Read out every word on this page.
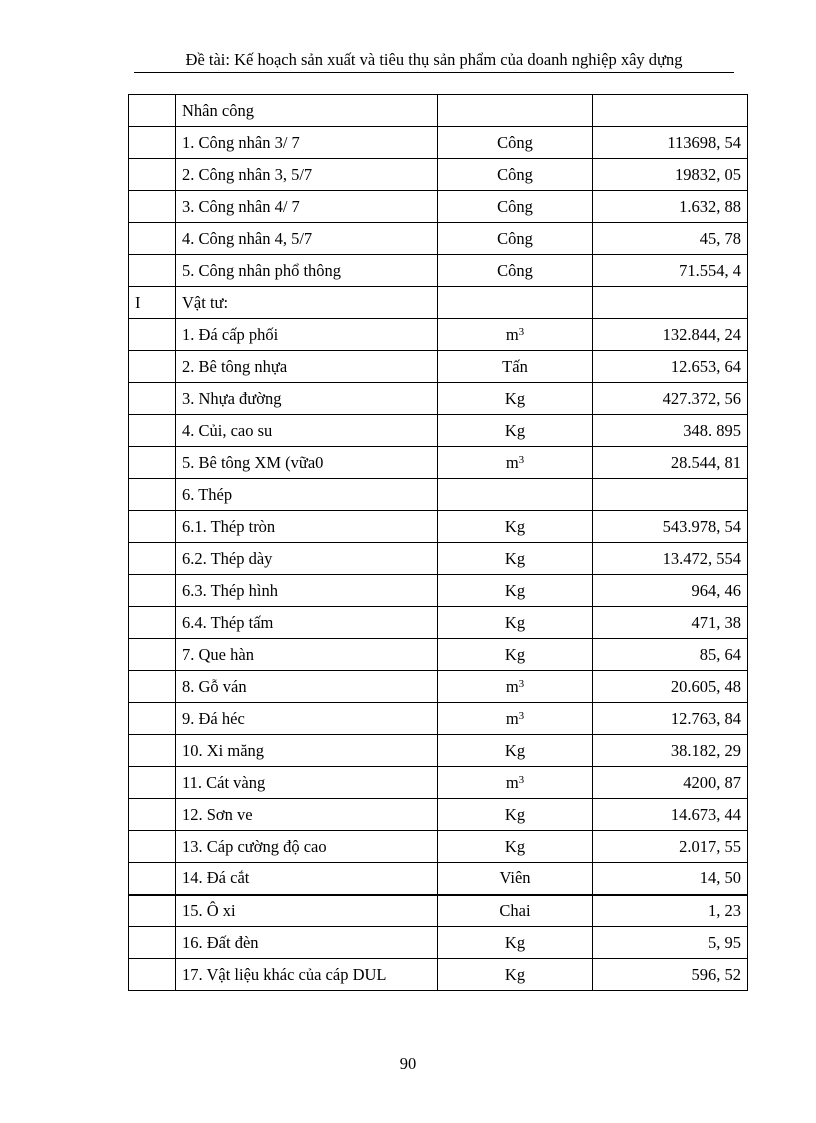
Đề tài: Kế hoạch sản xuất và tiêu thụ sản phẩm của doanh nghiệp xây dựng
	Nhân công		
	1. Công nhân 3/ 7	Công	113698, 54
	2. Công nhân 3, 5/7	Công	19832, 05
	3. Công nhân 4/ 7	Công	1.632, 88
	4. Công nhân 4, 5/7	Công	45, 78
	5. Công nhân phổ thông	Công	71.554, 4
I	Vật tư:		
	1. Đá cấp phối	$m^3$	132.844, 24
	2. Bê tông nhựa	Tấn	12.653, 64
	3. Nhựa đường	Kg	427.372, 56
	4. Củi, cao su	Kg	348. 895
	5. Bê tông XM (vữa0	$m^3$	28.544, 81
	6. Thép		
	6.1. Thép tròn	Kg	543.978, 54
	6.2. Thép dày	Kg	13.472, 554
	6.3. Thép hình	Kg	964, 46
	6.4. Thép tấm	Kg	471, 38
	7. Que hàn	Kg	85, 64
	8. Gỗ ván	$m^3$	20.605, 48
	9. Đá héc	$m^3$	12.763, 84
	10. Xi măng	Kg	38.182, 29
	11. Cát vàng	$m^3$	4200, 87
	12. Sơn ve	Kg	14.673, 44
	13. Cáp cường độ cao	Kg	2.017, 55
	14. Đá cắt	Viên	14, 50
	15. Ô xi	Chai	1, 23
	16. Đất đèn	Kg	5, 95
	17. Vật liệu khác của cáp DUL	Kg	596, 52
90
